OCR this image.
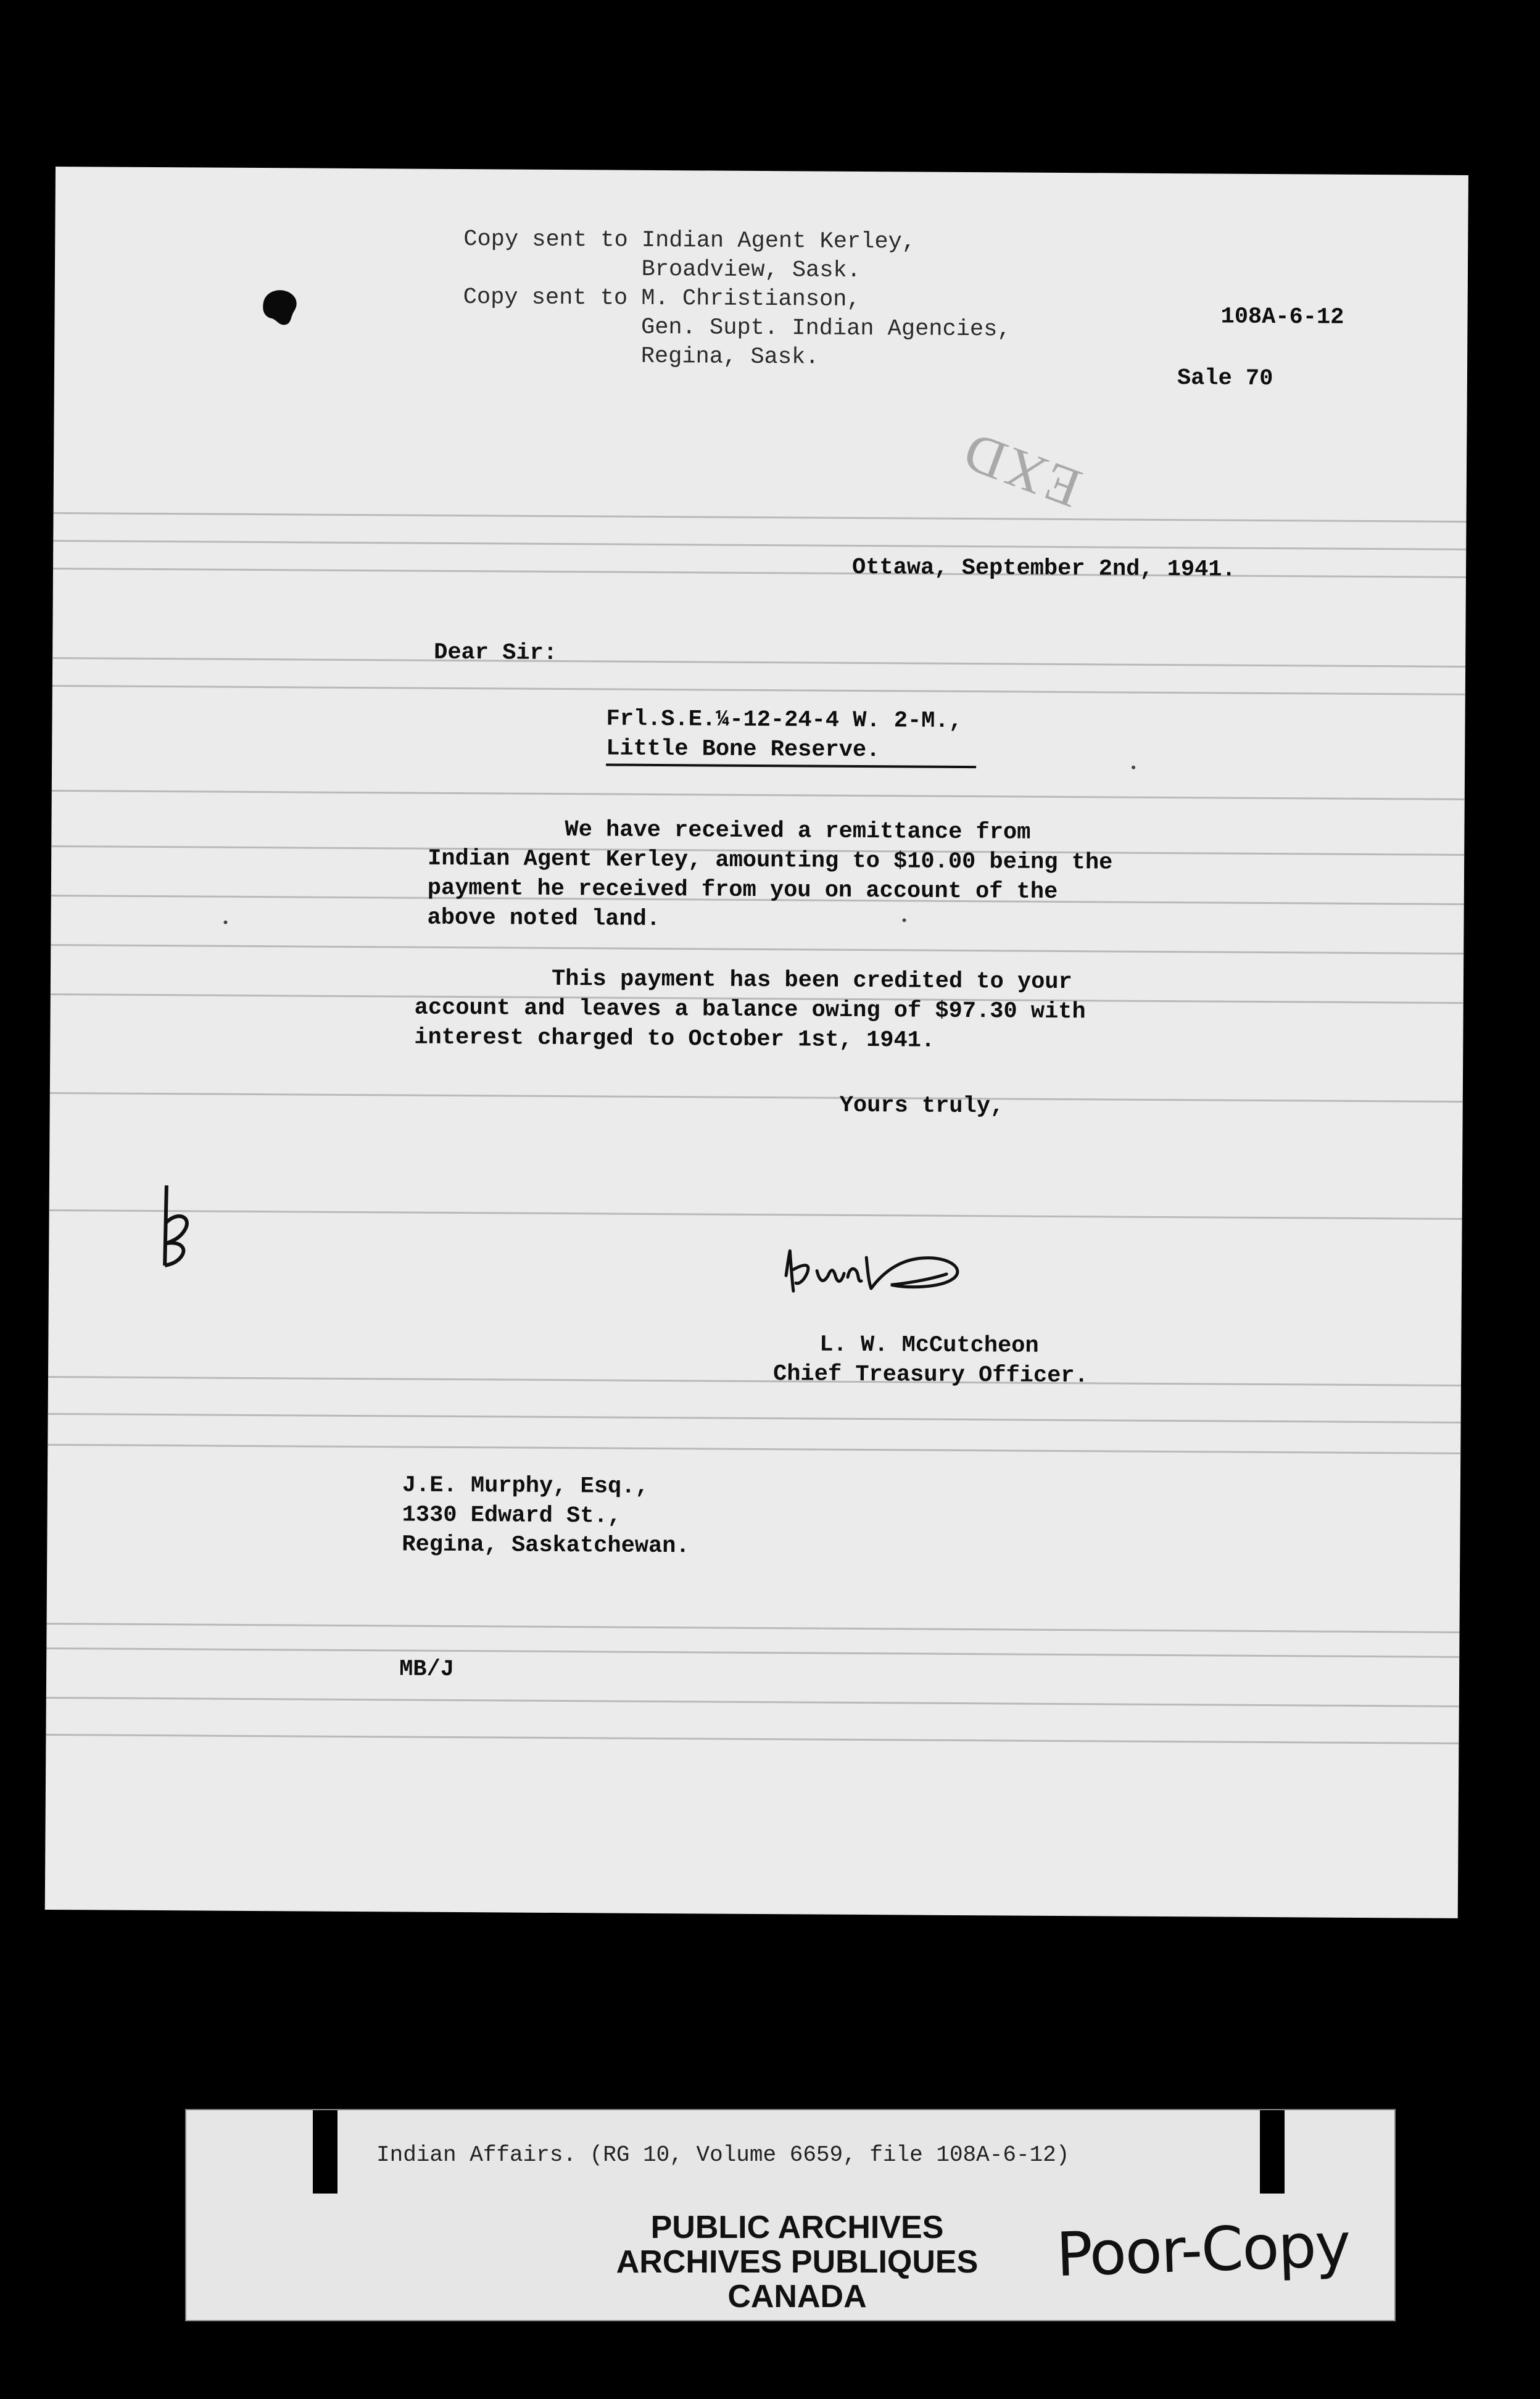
Copy sent to Indian Agent Kerley,
Broadview, Sask.
Copy sent to M. Christianson,
Gen. Supt. Indian Agencies,
Regina, Sask.
108A-6-12
Sale 70
EXD
Ottawa, September 2nd, 1941.
Dear Sir:
Frl.S.E.¼-12-24-4 W. 2-M.,
Little Bone Reserve.
We have received a remittance from
Indian Agent Kerley, amounting to $10.00 being the
payment he received from you on account of the
above noted land.
This payment has been credited to your
account and leaves a balance owing of $97.30 with
interest charged to October 1st, 1941.
Yours truly,
L. W. McCutcheon
Chief Treasury Officer.
J.E. Murphy, Esq.,
1330 Edward St.,
Regina, Saskatchewan.
MB/J
Indian Affairs. (RG 10, Volume 6659, file 108A-6-12)
PUBLIC ARCHIVES
ARCHIVES PUBLIQUES
CANADA
Poor-Copy
